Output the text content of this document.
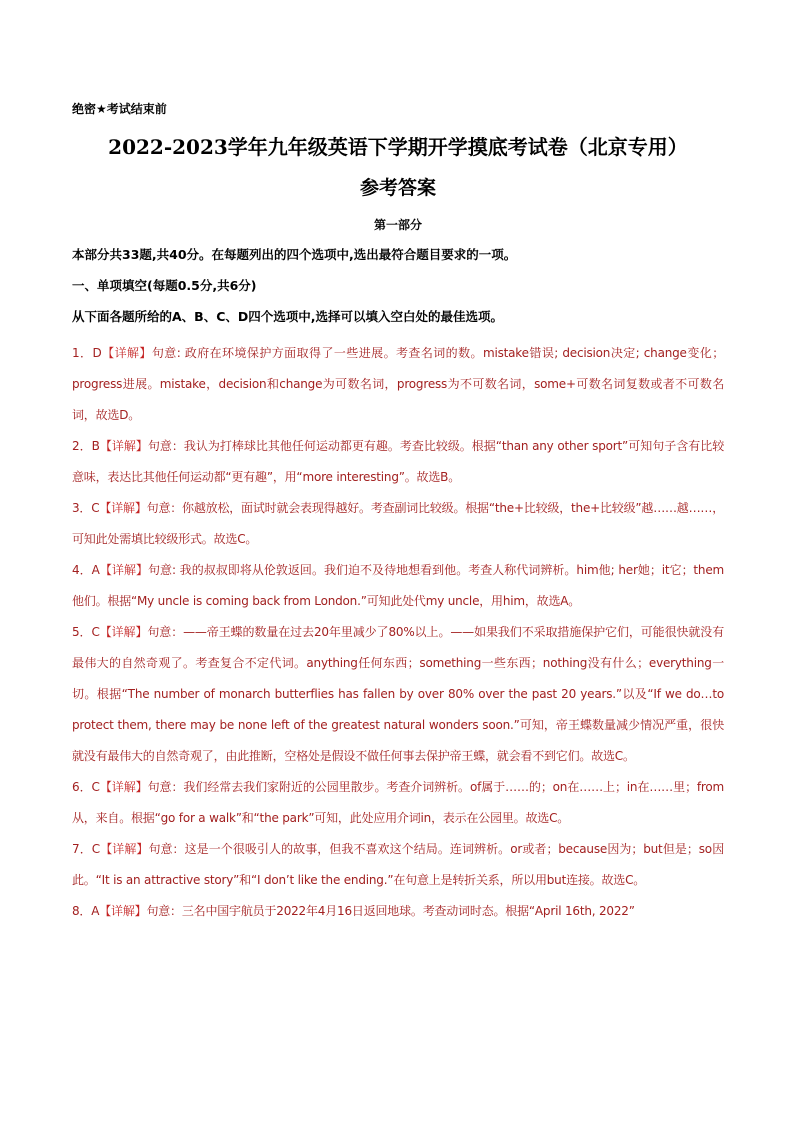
绝密★考试结束前
2022-2023学年九年级英语下学期开学摸底考试卷（北京专用）
参考答案
第一部分
本部分共33题,共40分。在每题列出的四个选项中,选出最符合题目要求的一项。
一、单项填空(每题0.5分,共6分)
从下面各题所给的A、B、C、D四个选项中,选择可以填入空白处的最佳选项。
1．D【详解】句意: 政府在环境保护方面取得了一些进展。考查名词的数。mistake错误; decision决定; change变化；progress进展。mistake，decision和change为可数名词，progress为不可数名词，some+可数名词复数或者不可数名词，故选D。
2．B【详解】句意：我认为打棒球比其他任何运动都更有趣。考查比较级。根据“than any other sport”可知句子含有比较意味，表达比其他任何运动都“更有趣”，用“more interesting”。故选B。
3．C【详解】句意：你越放松，面试时就会表现得越好。考查副词比较级。根据“the+比较级，the+比较级”越……越……，可知此处需填比较级形式。故选C。
4．A【详解】句意: 我的叔叔即将从伦敦返回。我们迫不及待地想看到他。考查人称代词辨析。him他; her她；it它；them他们。根据“My uncle is coming back from London.”可知此处代my uncle，用him，故选A。
5．C【详解】句意：——帝王蝶的数量在过去20年里减少了80%以上。——如果我们不采取措施保护它们，可能很快就没有最伟大的自然奇观了。考查复合不定代词。anything任何东西；something一些东西；nothing没有什么；everything一切。根据“The number of monarch butterflies has fallen by over 80% over the past 20 years.”以及“If we do…to protect them, there may be none left of the greatest natural wonders soon.”可知，帝王蝶数量减少情况严重，很快就没有最伟大的自然奇观了，由此推断，空格处是假设不做任何事去保护帝王蝶，就会看不到它们。故选C。
6．C【详解】句意：我们经常去我们家附近的公园里散步。考查介词辨析。of属于……的；on在……上；in在……里；from从，来自。根据“go for a walk”和“the park”可知，此处应用介词in，表示在公园里。故选C。
7．C【详解】句意：这是一个很吸引人的故事，但我不喜欢这个结局。连词辨析。or或者；because因为；but但是；so因此。“It is an attractive story”和“I don’t like the ending.”在句意上是转折关系，所以用but连接。故选C。
8．A【详解】句意：三名中国宇航员于2022年4月16日返回地球。考查动词时态。根据“April 16th, 2022”
